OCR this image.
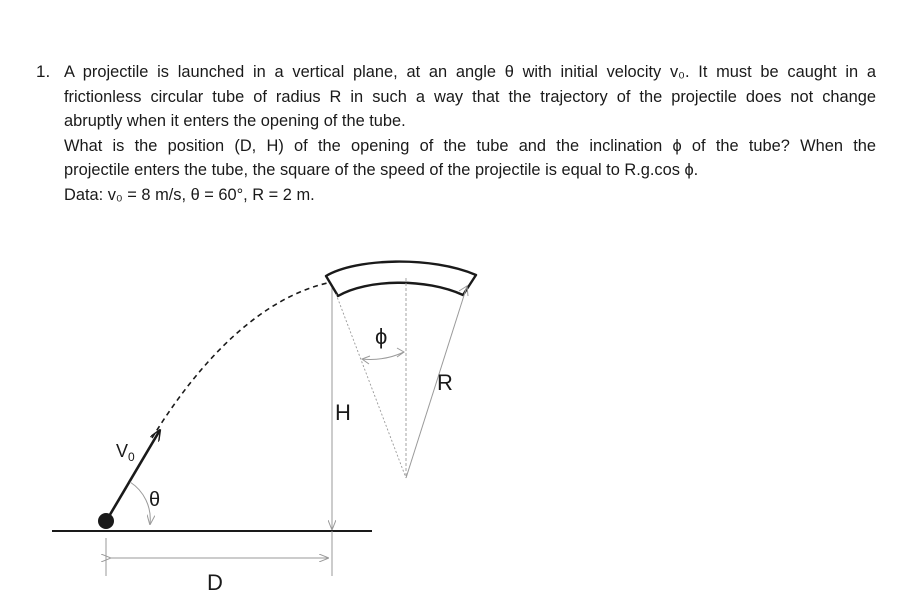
1. A projectile is launched in a vertical plane, at an angle θ with initial velocity v₀. It must be caught in a

frictionless circular tube of radius R in such a way that the trajectory of the projectile does not change

abruptly when it enters the opening of the tube.

What is the position (D, H) of the opening of the tube and the inclination ϕ of the tube? When the

projectile enters the tube, the square of the speed of the projectile is equal to R.g.cos ϕ.

Data: v₀ = 8 m/s, θ = 60°, R = 2 m.

$V_0$
θ
ϕ
R
H
D
